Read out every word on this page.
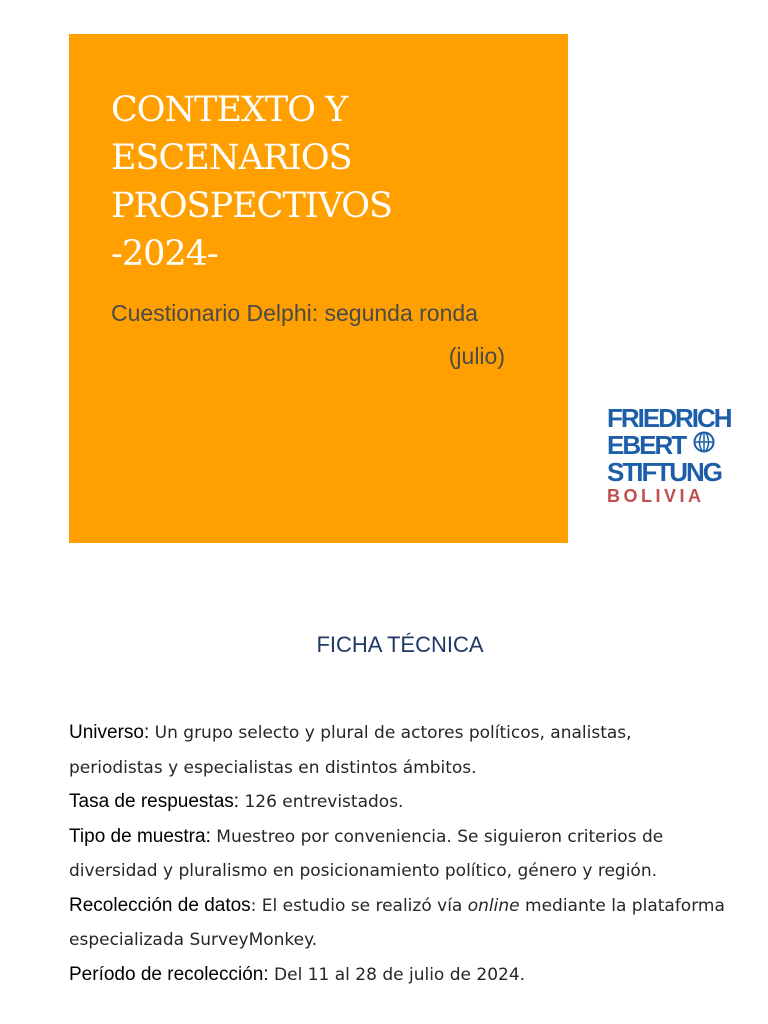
CONTEXTO Y
ESCENARIOS
PROSPECTIVOS
-2024-
Cuestionario Delphi: segunda ronda
(julio)
FRIEDRICH
EBERT
STIFTUNG
BOLIVIA
FICHA TÉCNICA

Universo: Un grupo selecto y plural de actores políticos, analistas, periodistas y especialistas en distintos ámbitos.

Tasa de respuestas: 126 entrevistados.

Tipo de muestra: Muestreo por conveniencia. Se siguieron criterios de diversidad y pluralismo en posicionamiento político, género y región.

Recolección de datos: El estudio se realizó vía online mediante la plataforma especializada SurveyMonkey.

Período de recolección: Del 11 al 28 de julio de 2024.
